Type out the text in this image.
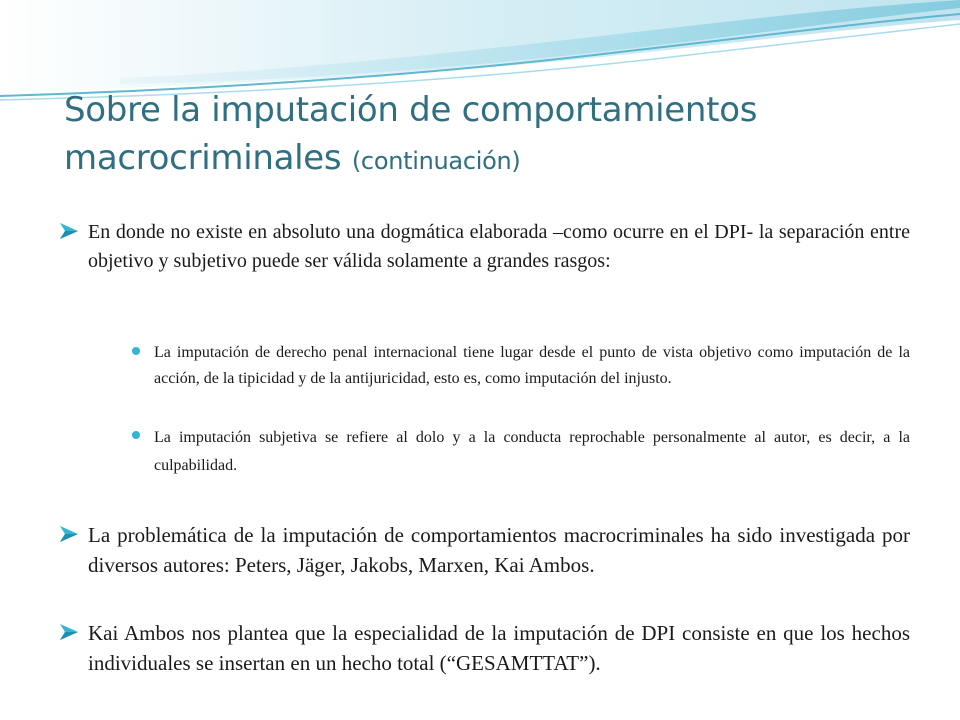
Sobre la imputación de comportamientos macrocriminales (continuación)
En donde no existe en absoluto una dogmática elaborada –como ocurre en el DPI- la separación entre objetivo y subjetivo puede ser válida solamente a grandes rasgos:
La imputación de derecho penal internacional tiene lugar desde el punto de vista objetivo como imputación de la acción, de la tipicidad y de la antijuricidad, esto es, como imputación del injusto.
La imputación subjetiva se refiere al dolo y a la conducta reprochable personalmente al autor, es decir, a la culpabilidad.
La problemática de la imputación de comportamientos macrocriminales ha sido investigada por diversos autores: Peters, Jäger, Jakobs, Marxen, Kai Ambos.
Kai Ambos nos plantea que la especialidad de la imputación de DPI consiste en que los hechos individuales se insertan en un hecho total (“GESAMTTAT”).
